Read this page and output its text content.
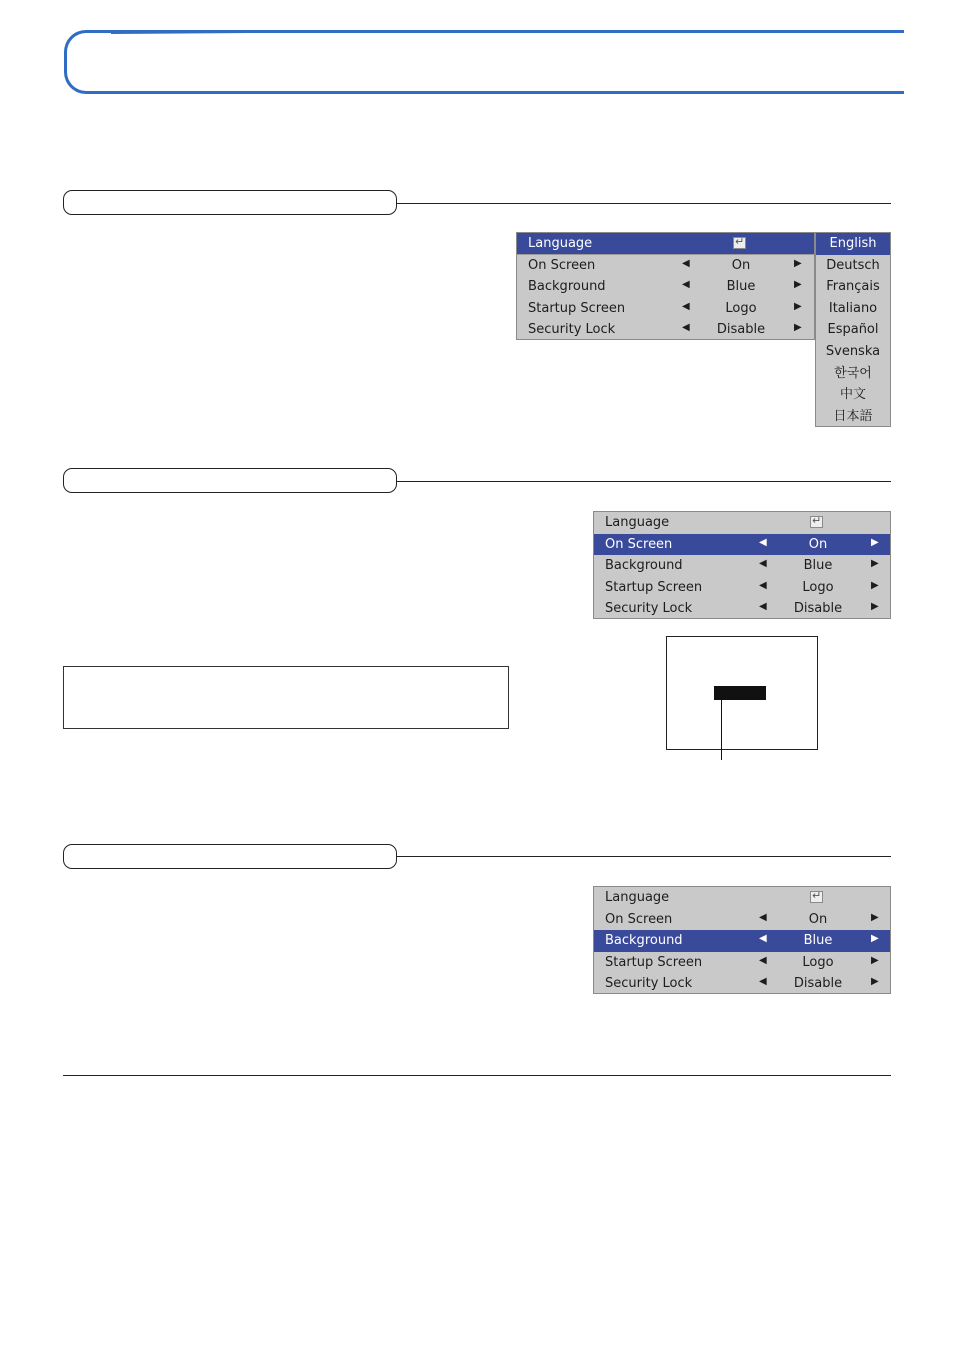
Language
↵
On Screen	◀	On	▶
Background	◀	Blue	▶
Startup Screen	◀	Logo	▶
Security Lock	◀	Disable	▶
English
Deutsch
Français
Italiano
Español
Svenska
한국어
中文
日本語
Language
↵
On Screen	◀	On	▶
Background	◀	Blue	▶
Startup Screen	◀	Logo	▶
Security Lock	◀	Disable	▶
Language
↵
On Screen	◀	On	▶
Background	◀	Blue	▶
Startup Screen	◀	Logo	▶
Security Lock	◀	Disable	▶
